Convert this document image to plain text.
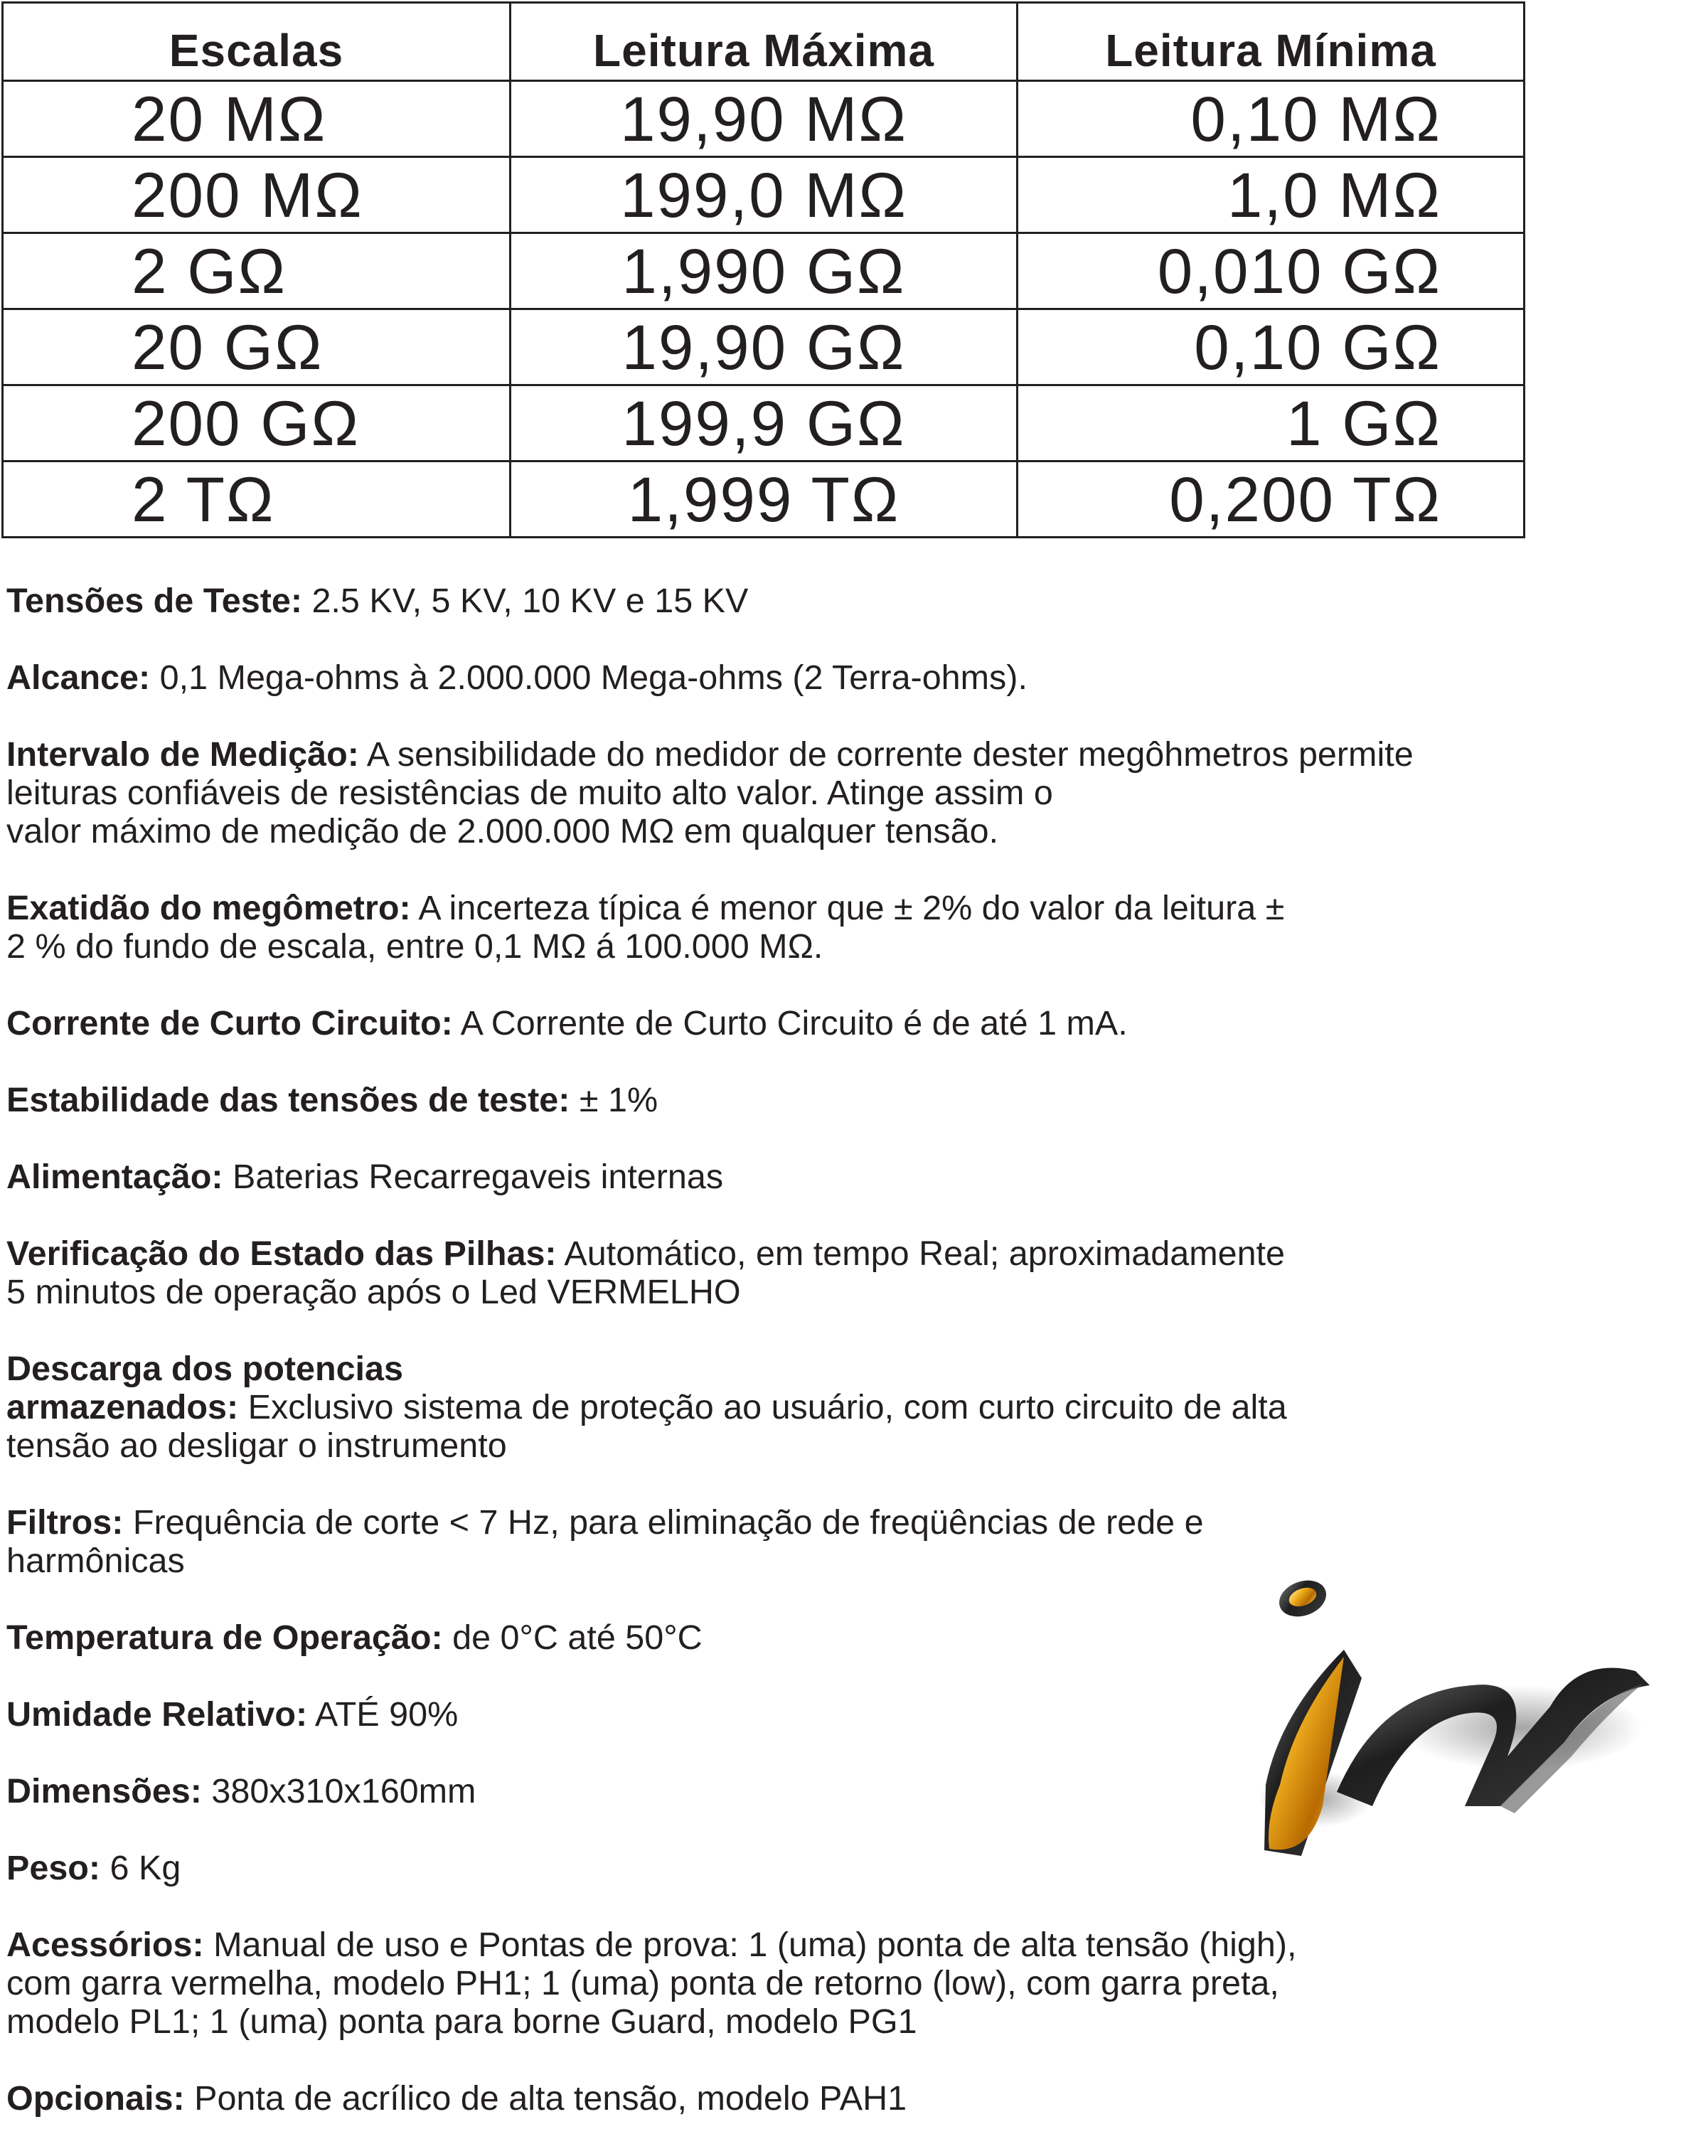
Escalas	Leitura Máxima	Leitura Mínima
20 MΩ	19,90 MΩ	0,10 MΩ
200 MΩ	199,0 MΩ	1,0 MΩ
2 GΩ	1,990 GΩ	0,010 GΩ
20 GΩ	19,90 GΩ	0,10 GΩ
200 GΩ	199,9 GΩ	1 GΩ
2 TΩ	1,999 TΩ	0,200 TΩ
Tensões de Teste: 2.5 KV, 5 KV, 10 KV e 15 KV
Alcance: 0,1 Mega-ohms à 2.000.000 Mega-ohms (2 Terra-ohms).
Intervalo de Medição: A sensibilidade do medidor de corrente dester megôhmetros permite
leituras confiáveis de resistências de muito alto valor. Atinge assim o
valor máximo de medição de 2.000.000 MΩ em qualquer tensão.
Exatidão do megômetro: A incerteza típica é menor que ± 2% do valor da leitura ±
2 % do fundo de escala, entre 0,1 MΩ á 100.000 MΩ.
Corrente de Curto Circuito: A Corrente de Curto Circuito é de até 1 mA.
Estabilidade das tensões de teste: ± 1%
Alimentação: Baterias Recarregaveis internas
Verificação do Estado das Pilhas: Automático, em tempo Real; aproximadamente
5 minutos de operação após o Led VERMELHO
Descarga dos potencias
armazenados: Exclusivo sistema de proteção ao usuário, com curto circuito de alta
tensão ao desligar o instrumento
Filtros: Frequência de corte < 7 Hz, para eliminação de freqüências de rede e
harmônicas
Temperatura de Operação: de 0°C até 50°C
Umidade Relativo: ATÉ 90%
Dimensões: 380x310x160mm
Peso: 6 Kg
Acessórios: Manual de uso e Pontas de prova: 1 (uma) ponta de alta tensão (high),
com garra vermelha, modelo PH1; 1 (uma) ponta de retorno (low), com garra preta,
modelo PL1; 1 (uma) ponta para borne Guard, modelo PG1
Opcionais: Ponta de acrílico de alta tensão, modelo PAH1
